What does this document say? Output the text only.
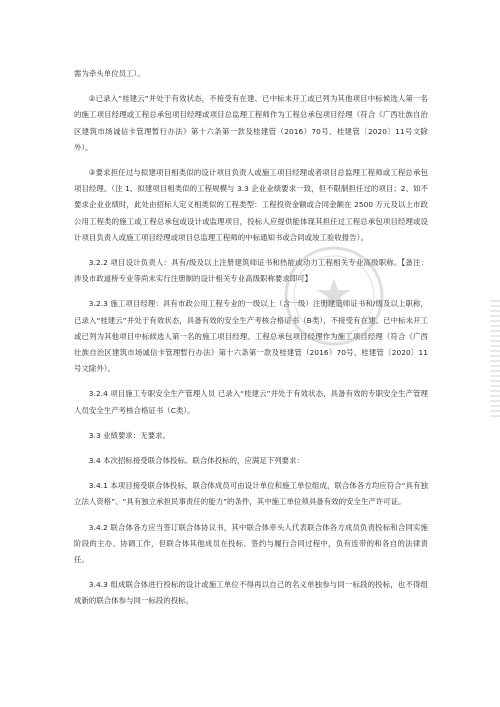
需为牵头单位员工）。

②已录入“桂建云”并处于有效状态，不接受有在建、已中标未开工或已列为其他项目中标候选人第一名的施工项目经理或工程总承包项目经理或项目总监理工程师作为工程总承包项目经理（符合《广西壮族自治区建筑市场诚信卡管理暂行办法》第十六条第一款及桂建管（2016）70号、桂建管〔2020〕11号文除外）。

③要求担任过与拟建项目相类似的设计项目负责人或施工项目经理或者项目总监理工程师或工程总承包项目经理。（注 1、拟建项目相类似的工程规模与 3.3 企业业绩要求一致，但不限制担任过的项目；2、如不要求企业业绩时，此处由招标人定义相类似的工程类型：工程投资金额或合同金额在 2500 万元及以上市政公用工程类的施工或工程总承包或设计或监理项目，投标人应提供能体现其担任过工程总承包项目经理或设计项目负责人或施工项目经理或项目总监理工程师的中标通知书或合同或竣工验收报告）。

3.2.2 项目设计负责人：具有/级及以上注册建筑师证书和热能或动力工程相关专业高级职称。【备注：涉及市政道桥专业等尚未实行注册制的设计相关专业高级职称要求即可】

3.2.3 施工项目经理：具有市政公用工程专业的一级以上（含一级）注册建造师证书和/级及以上职称，已录入“桂建云”并处于有效状态，具备有效的安全生产考核合格证书（B类），不接受有在建、已中标未开工或已列为其他项目中标候选人第一名的施工项目经理、工程总承包项目经理作为施工项目经理（符合《广西壮族自治区建筑市场诚信卡管理暂行办法》第十六条第一款及桂建管（2016）70号、桂建管〔2020〕11号文除外）。

3.2.4 项目施工专职安全生产管理人员 已录入“桂建云”并处于有效状态，具备有效的专职安全生产管理人员安全生产考核合格证书（C类）。

3.3 业绩要求：无要求。

3.4 本次招标接受联合体投标。联合体投标的，应满足下列要求：

3.4.1 本项目接受联合体投标，联合体成员可由设计单位和施工单位组成，联合体各方均应符合“具有独立法人资格”、“具有独立承担民事责任的能力”的条件，其中施工单位须具备有效的安全生产许可证。

3.4.2 联合体各方应当签订联合体协议书，其中联合体牵头人代表联合体各方成员负责投标和合同实施阶段的主办、协调工作，但联合体其他成员在投标、签约与履行合同过程中，负有连带的和各自的法律责任。

3.4.3 组成联合体进行投标的设计或施工单位不得再以自己的名义单独参与同一标段的投标，也不得组成新的联合体参与同一标段的投标。
